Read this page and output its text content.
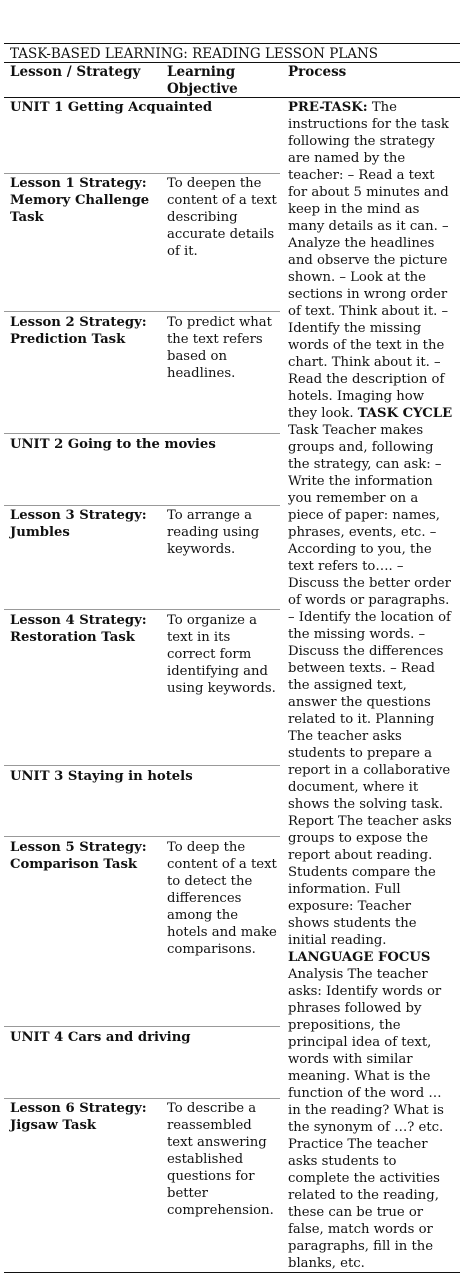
TASK-BASED LEARNING: READING LESSON PLANS
Lesson / Strategy	Learning Objective
Process
UNIT 1 Getting Acquainted
Lesson 1 Strategy: Memory Challenge Task
To deepen the content of a text describing accurate details of it.
Lesson 2 Strategy: Prediction Task
To predict what the text refers based on headlines.
UNIT 2 Going to the movies
Lesson 3 Strategy: Jumbles
To arrange a reading using keywords.
Lesson 4 Strategy: Restoration Task
To organize a text in its correct form identifying and using keywords.
UNIT 3 Staying in hotels
Lesson 5 Strategy: Comparison Task
To deep the content of a text to detect the differences among the hotels and make comparisons.
UNIT 4 Cars and driving
Lesson 6 Strategy: Jigsaw Task
To describe a reassembled text answering established questions for better comprehension.
PRE-TASK: The instructions for the task following the strategy are named by the teacher: – Read a text for about 5 minutes and keep in the mind as many details as it can. – Analyze the headlines and observe the picture shown. – Look at the sections in wrong order of text. Think about it. – Identify the missing words of the text in the chart. Think about it. – Read the description of hotels. Imaging how they look. TASK CYCLE Task Teacher makes groups and, following the strategy, can ask: – Write the information you remember on a piece of paper: names, phrases, events, etc. – According to you, the text refers to…. – Discuss the better order of words or paragraphs. – Identify the location of the missing words. – Discuss the differences between texts. – Read the assigned text, answer the questions related to it. Planning The teacher asks students to prepare a report in a collaborative document, where it shows the solving task. Report The teacher asks groups to expose the report about reading. Students compare the information. Full exposure: Teacher shows students the initial reading. LANGUAGE FOCUS Analysis The teacher asks: Identify words or phrases followed by prepositions, the principal idea of text, words with similar meaning. What is the function of the word … in the reading? What is the synonym of …? etc. Practice The teacher asks students to complete the activities related to the reading, these can be true or false, match words or paragraphs, fill in the blanks, etc.
